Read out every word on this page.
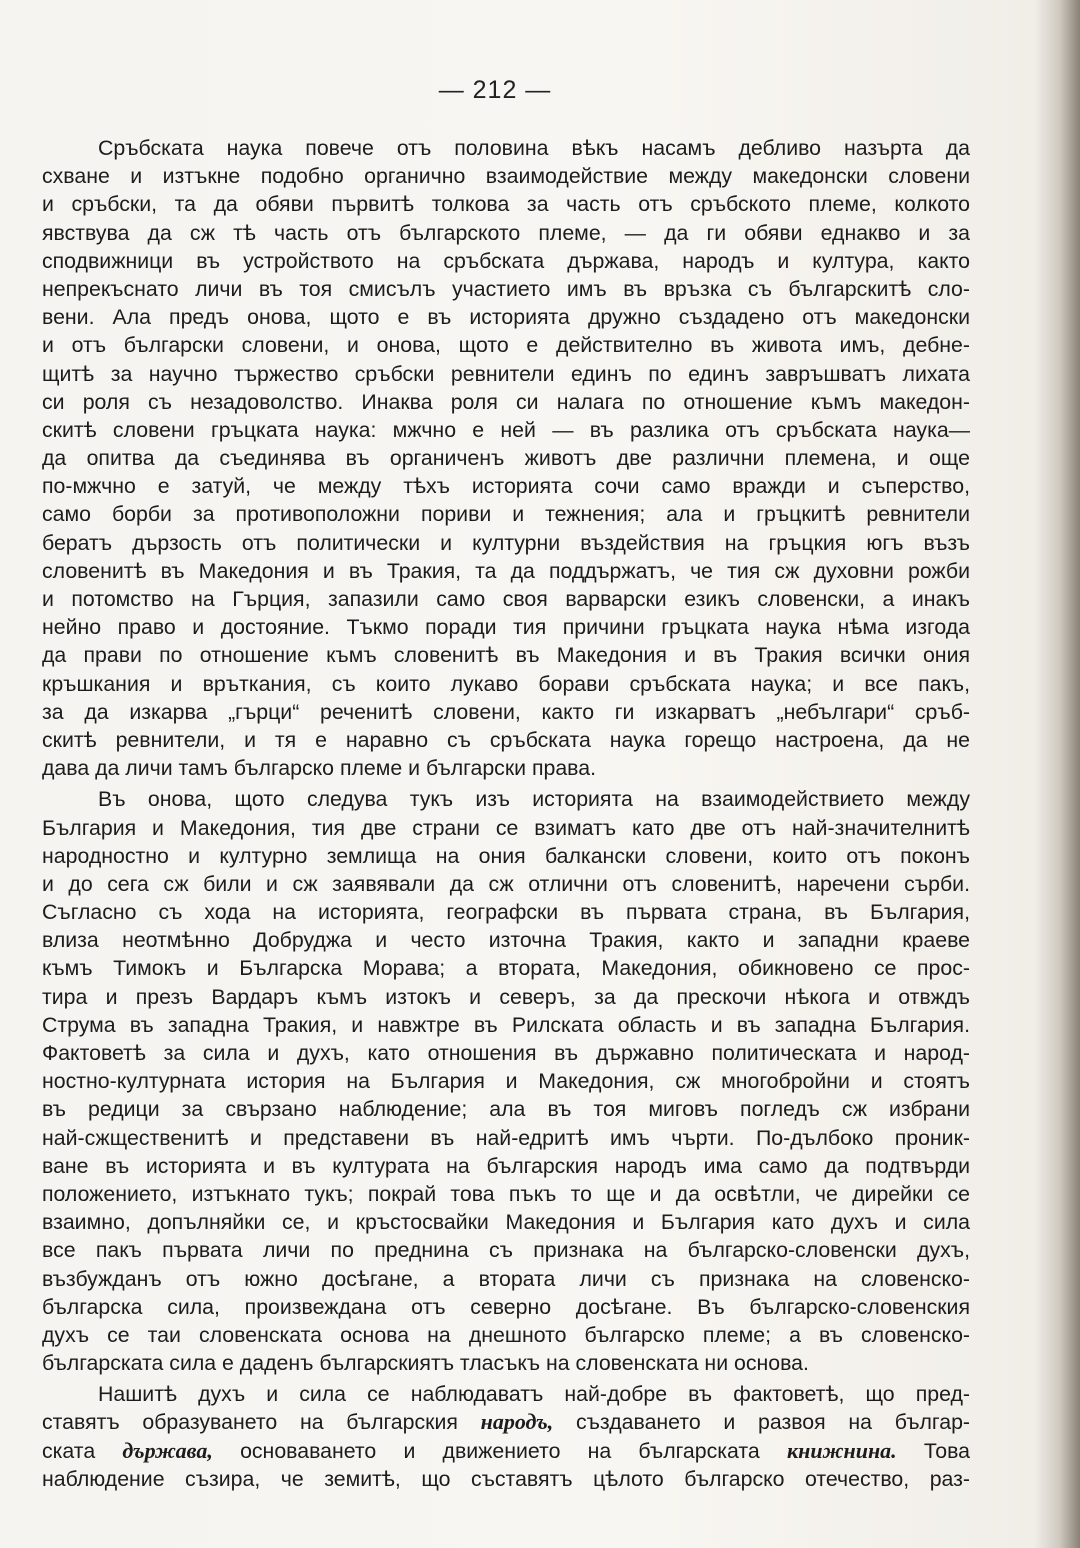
— 212 —
Сръбската наука повече отъ половина вѣкъ насамъ дебливо назърта да
схване и изтъкне подобно органично взаимодействие между македонски словени
и сръбски, та да обяви първитѣ толкова за часть отъ сръбското племе, колкото
явствува да сж тѣ часть отъ българското племе, — да ги обяви еднакво и за
сподвижници въ устройството на сръбската държава, народъ и култура, както
непрекъснато личи въ тоя смисълъ участието имъ въ връзка съ българскитѣ сло-
вени. Ала предъ онова, щото е въ историята дружно създадено отъ македонски
и отъ български словени, и онова, щото е действително въ живота имъ, дебне-
щитѣ за научно тържество сръбски ревнители единъ по единъ завръшватъ лихата
си роля съ незадоволство. Инаква роля си налага по отношение къмъ македон-
скитѣ словени гръцката наука: мжчно е ней — въ разлика отъ сръбската наука—
да опитва да съединява въ органиченъ животъ две различни племена, и още
по-мжчно е затуй, че между тѣхъ историята сочи само вражди и съперство,
само борби за противоположни пориви и тежнения; ала и гръцкитѣ ревнители
бератъ дързость отъ политически и културни въздействия на гръцкия югъ възъ
словенитѣ въ Македония и въ Тракия, та да поддържатъ, че тия сж духовни рожби
и потомство на Гърция, запазили само своя варварски езикъ словенски, а инакъ
нейно право и достояние. Тъкмо поради тия причини гръцката наука нѣма изгода
да прави по отношение къмъ словенитѣ въ Македония и въ Тракия всички ония
кръшкания и връткания, съ които лукаво борави сръбската наука; и все пакъ,
за да изкарва „гърци“ реченитѣ словени, както ги изкарватъ „небългари“ сръб-
скитѣ ревнители, и тя е наравно съ сръбската наука горещо настроена, да не
дава да личи тамъ българско племе и български права.
Въ онова, щото следува тукъ изъ историята на взаимодействието между
България и Македония, тия две страни се взиматъ като две отъ най-значителнитѣ
народностно и културно землища на ония балкански словени, които отъ поконъ
и до сега сж били и сж заявявали да сж отлични отъ словенитѣ, наречени сърби.
Съгласно съ хода на историята, географски въ първата страна, въ България,
влиза неотмѣнно Добруджа и често източна Тракия, както и западни краеве
къмъ Тимокъ и Българска Морава; а втората, Македония, обикновено се прос-
тира и презъ Вардаръ къмъ изтокъ и северъ, за да прескочи нѣкога и отвждъ
Струма въ западна Тракия, и навжтре въ Рилската область и въ западна България.
Фактоветѣ за сила и духъ, като отношения въ държавно политическата и народ-
ностно-културната история на България и Македония, сж многобройни и стоятъ
въ редици за свързано наблюдение; ала въ тоя миговъ погледъ сж избрани
най-сжщественитѣ и представени въ най-едритѣ имъ чърти. По-дълбоко проник-
ване въ историята и въ културата на българския народъ има само да подтвърди
положението, изтъкнато тукъ; покрай това пъкъ то ще и да освѣтли, че дирейки се
взаимно, допълняйки се, и кръстосвайки Македония и България като духъ и сила
все пакъ първата личи по преднина съ признака на българско-словенски духъ,
възбужданъ отъ южно досѣгане, а втората личи съ признака на словенско-
българска сила, произвеждана отъ северно досѣгане. Въ българско-словенския
духъ се таи словенската основа на днешното българско племе; а въ словенско-
българската сила е даденъ българскиятъ тласъкъ на словенската ни основа.
Нашитѣ духъ и сила се наблюдаватъ най-добре въ фактоветѣ, що пред-
ставятъ образуването на българския народъ, създаването и развоя на българ-
ската държава, основаването и движението на българската книжнина. Това
наблюдение съзира, че земитѣ, що съставятъ цѣлото българско отечество, раз-
